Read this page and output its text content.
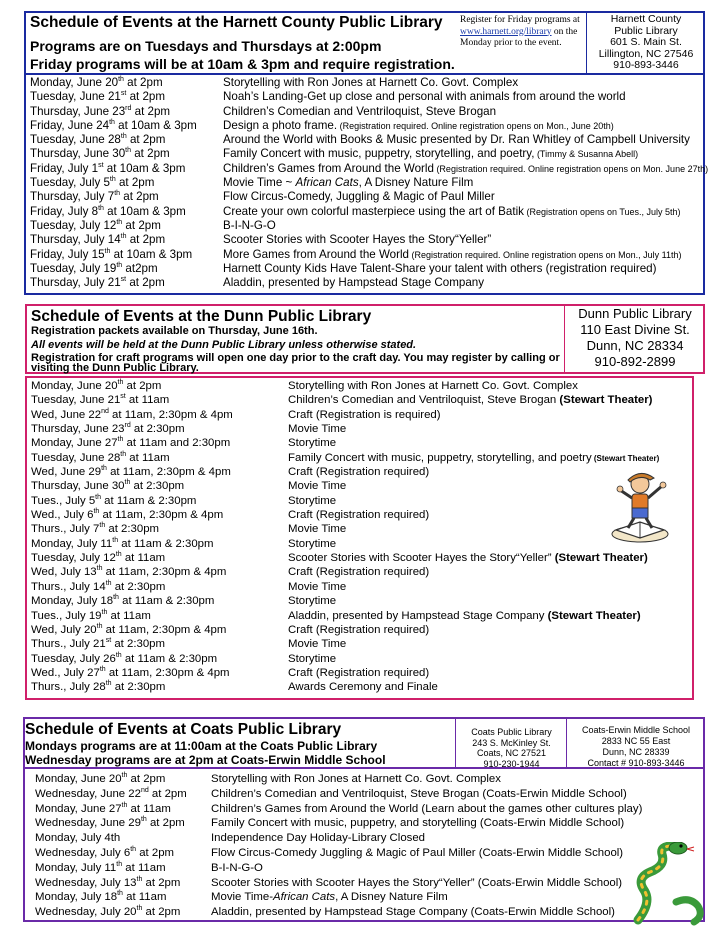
Schedule of Events at the Harnett County Public Library
Programs are on Tuesdays and Thursdays at 2:00pm
Friday programs will be at 10am & 3pm and require registration.
Register for Friday programs at
www.harnett.org/library on the
Monday prior to the event.
Harnett County
Public Library
601 S. Main St.
Lillington, NC 27546
910-893-3446
Monday, June 20th at 2pm	Storytelling with Ron Jones at Harnett Co. Govt. Complex
Tuesday, June 21st at 2pm	Noah’s Landing-Get up close and personal with animals from around the world
Thursday, June 23rd at 2pm	Children’s Comedian and Ventriloquist, Steve Brogan
Friday, June 24th at 10am & 3pm Design a photo frame. (Registration required. Online registration opens on Mon., June 20th)
Tuesday, June 28th at 2pm	Around the World with Books & Music presented by Dr. Ran Whitley of Campbell University
Thursday, June 30th at 2pm	Family Concert with music, puppetry, storytelling, and poetry, (Timmy & Susanna Abell)
Friday, July 1st at 10am & 3pm	Children’s Games from Around the World (Registration required. Online registration opens on Mon. June 27th)
Tuesday, July 5th at 2pm	Movie Time ~ African Cats, A Disney Nature Film
Thursday, July 7th at 2pm	Flow Circus-Comedy, Juggling & Magic of Paul Miller
Friday, July 8th at 10am & 3pm	Create your own colorful masterpiece using the art of Batik (Registration opens on Tues., July 5th)
Tuesday, July 12th at 2pm	B-I-N-G-O
Thursday, July 14th at 2pm	Scooter Stories with Scooter Hayes the Story“Yeller”
Friday, July 15th at 10am & 3pm	More Games from Around the World (Registration required. Online registration opens on Mon., July 11th)
Tuesday, July 19th at2pm	Harnett County Kids Have Talent-Share your talent with others (registration required)
Thursday, July 21st at 2pm	Aladdin, presented by Hampstead Stage Company
Schedule of Events at the Dunn Public Library
Registration packets available on Thursday, June 16th.
All events will be held at the Dunn Public Library unless otherwise stated.
Registration for craft programs will open one day prior to the craft day. You may register by calling or
visiting the Dunn Public Library.
Dunn Public Library
110 East Divine St.
Dunn, NC 28334
910-892-2899
Monday, June 20th at 2pm	Storytelling with Ron Jones at Harnett Co. Govt. Complex
Tuesday, June 21st at 11am	Children’s Comedian and Ventriloquist, Steve Brogan (Stewart Theater)
Wed, June 22nd at 11am, 2:30pm & 4pm	Craft (Registration is required)
Thursday, June 23rd at 2:30pm	Movie Time
Monday, June 27th at 11am and 2:30pm	Storytime
Tuesday, June 28th at 11am	Family Concert with music, puppetry, storytelling, and poetry (Stewart Theater)
Wed, June 29th at 11am, 2:30pm & 4pm	Craft (Registration required)
Thursday, June 30th at 2:30pm	Movie Time
Tues., July 5th at 11am & 2:30pm	Storytime
Wed., July 6th at 11am, 2:30pm & 4pm	Craft (Registration required)
Thurs., July 7th at 2:30pm	Movie Time
Monday, July 11th at 11am & 2:30pm	Storytime
Tuesday, July 12th at 11am	Scooter Stories with Scooter Hayes the Story“Yeller” (Stewart Theater)
Wed, July 13th at 11am, 2:30pm & 4pm	Craft (Registration required)
Thurs., July 14th at 2:30pm	Movie Time
Monday, July 18th at 11am & 2:30pm	Storytime
Tues., July 19th at 11am	Aladdin, presented by Hampstead Stage Company (Stewart Theater)
Wed, July 20th at 11am, 2:30pm & 4pm	Craft (Registration required)
Thurs., July 21st at 2:30pm	Movie Time
Tuesday, July 26th at 11am & 2:30pm	Storytime
Wed., July 27th at 11am, 2:30pm & 4pm	Craft (Registration required)
Thurs., July 28th at 2:30pm	Awards Ceremony and Finale
Schedule of Events at Coats Public Library
Mondays programs are at 11:00am at the Coats Public Library
Wednesday programs are at 2pm at Coats-Erwin Middle School
Coats Public Library
243 S. McKinley St.
Coats, NC 27521
910-230-1944
Coats-Erwin Middle School
2833 NC 55 East
Dunn, NC 28339
Contact # 910-893-3446
Monday, June 20th at 2pm	Storytelling with Ron Jones at Harnett Co. Govt. Complex
Wednesday, June 22nd at 2pm Children’s Comedian and Ventriloquist, Steve Brogan (Coats-Erwin Middle School)
Monday, June 27th at 11am	Children’s Games from Around the World (Learn about the games other cultures play)
Wednesday, June 29th at 2pm Family Concert with music, puppetry, and storytelling (Coats-Erwin Middle School)
Monday, July 4th	Independence Day Holiday-Library Closed
Wednesday, July 6th at 2pm	Flow Circus-Comedy Juggling & Magic of Paul Miller (Coats-Erwin Middle School)
Monday, July 11th at 11am	B-I-N-G-O
Wednesday, July 13th at 2pm	Scooter Stories with Scooter Hayes the Story“Yeller” (Coats-Erwin Middle School)
Monday, July 18th at 11am	Movie Time-African Cats, A Disney Nature Film
Wednesday, July 20th at 2pm	Aladdin, presented by Hampstead Stage Company (Coats-Erwin Middle School)
